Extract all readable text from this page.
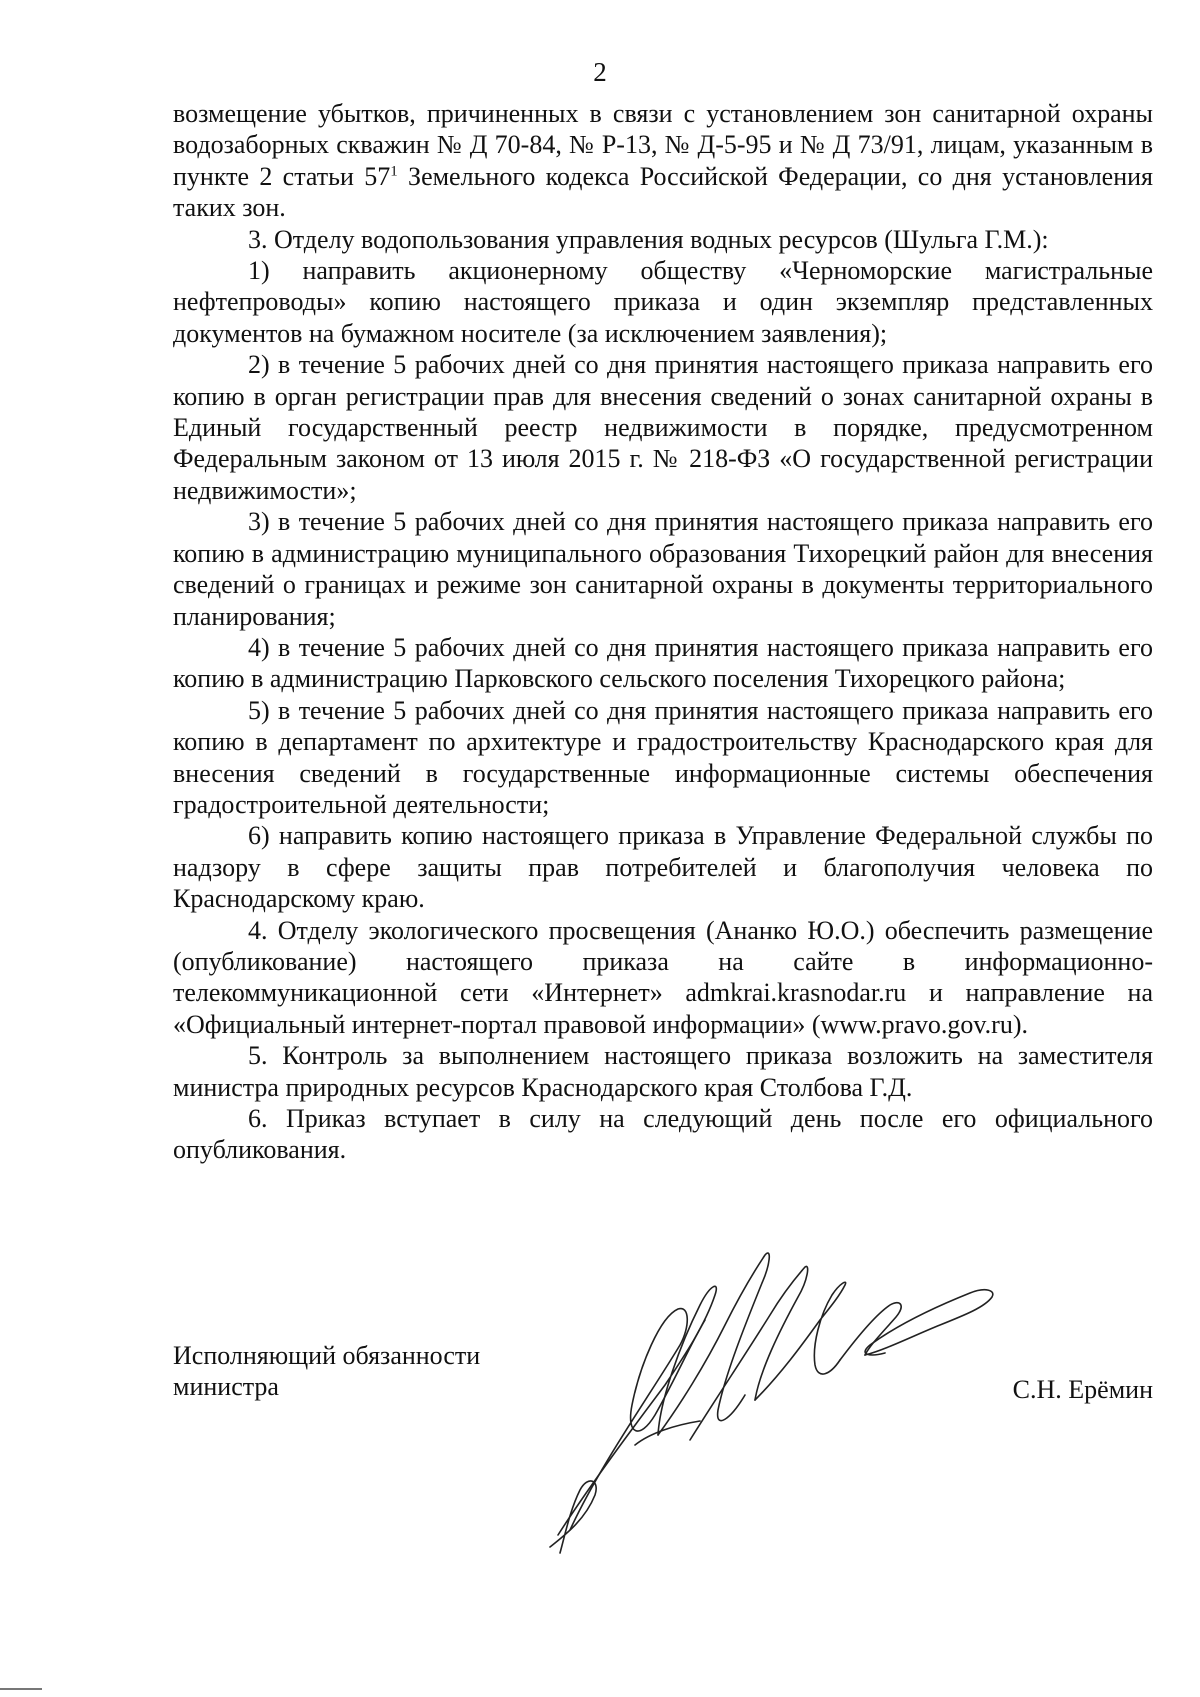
2

возмещение убытков, причиненных в связи с установлением зон санитарной охраны водозаборных скважин № Д 70-84, № Р-13, № Д-5-95 и № Д 73/91, лицам, указанным в пункте 2 статьи $57^1$ Земельного кодекса Российской Федерации, со дня установления таких зон.

3. Отделу водопользования управления водных ресурсов (Шульга Г.М.):

1) направить акционерному обществу «Черноморские магистральные нефтепроводы» копию настоящего приказа и один экземпляр представленных документов на бумажном носителе (за исключением заявления);

2) в течение 5 рабочих дней со дня принятия настоящего приказа направить его копию в орган регистрации прав для внесения сведений о зонах санитарной охраны в Единый государственный реестр недвижимости в порядке, предусмотренном Федеральным законом от 13 июля 2015 г. № 218-ФЗ «О государственной регистрации недвижимости»;

3) в течение 5 рабочих дней со дня принятия настоящего приказа направить его копию в администрацию муниципального образования Тихорецкий район для внесения сведений о границах и режиме зон санитарной охраны в документы территориального планирования;

4) в течение 5 рабочих дней со дня принятия настоящего приказа направить его копию в администрацию Парковского сельского поселения Тихорецкого района;

5) в течение 5 рабочих дней со дня принятия настоящего приказа направить его копию в департамент по архитектуре и градостроительству Краснодарского края для внесения сведений в государственные информационные системы обеспечения градостроительной деятельности;

6) направить копию настоящего приказа в Управление Федеральной службы по надзору в сфере защиты прав потребителей и благополучия человека по Краснодарскому краю.

4. Отделу экологического просвещения (Ананко Ю.О.) обеспечить размещение (опубликование) настоящего приказа на сайте в информационно-телекоммуникационной сети «Интернет» admkrai.krasnodar.ru и направление на «Официальный интернет-портал правовой информации» (www.pravo.gov.ru).

5. Контроль за выполнением настоящего приказа возложить на заместителя министра природных ресурсов Краснодарского края Столбова Г.Д.

6. Приказ вступает в силу на следующий день после его официального опубликования.

Исполняющий обязанности
министра	С.Н. Ерёмин
